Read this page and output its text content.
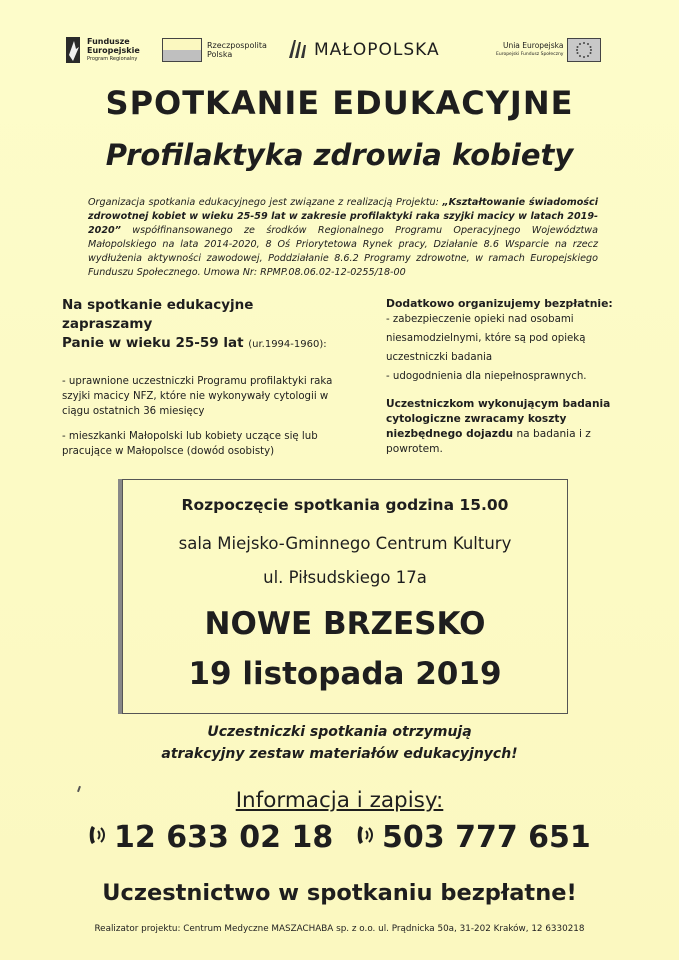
Fundusze
Europejskie
Program Regionalny
Rzeczpospolita
Polska	MAŁOPOLSKA	Unia Europejska
Europejski Fundusz Społeczny
SPOTKANIE EDUKACYJNE
Profilaktyka zdrowia kobiety
Organizacja spotkania edukacyjnego jest związane z realizacją Projektu: „Kształtowanie świadomości zdrowotnej kobiet w wieku 25-59 lat w zakresie profilaktyki raka szyjki macicy w latach 2019-2020” współfinansowanego ze środków Regionalnego Programu Operacyjnego Województwa Małopolskiego na lata 2014-2020, 8 Oś Priorytetowa Rynek pracy, Działanie 8.6 Wsparcie na rzecz wydłużenia aktywności zawodowej, Poddziałanie 8.6.2 Programy zdrowotne, w ramach Europejskiego Funduszu Społecznego. Umowa Nr: RPMP.08.06.02-12-0255/18-00
Na spotkanie edukacyjne zapraszamy
Panie w wieku 25-59 lat (ur.1994-1960):
- uprawnione uczestniczki Programu profilaktyki raka szyjki macicy NFZ, które nie wykonywały cytologii w ciągu ostatnich 36 miesięcy
- mieszkanki Małopolski lub kobiety uczące się lub pracujące w Małopolsce (dowód osobisty)
Dodatkowo organizujemy bezpłatnie:
- zabezpieczenie opieki nad osobami
niesamodzielnymi, które są pod opieką
uczestniczki badania
- udogodnienia dla niepełnosprawnych.
Uczestniczkom wykonującym badania cytologiczne zwracamy koszty niezbędnego dojazdu na badania i z powrotem.
Rozpoczęcie spotkania godzina 15.00
sala Miejsko-Gminnego Centrum Kultury
ul. Piłsudskiego 17a
NOWE BRZESKO
19 listopada 2019
Uczestniczki spotkania otrzymują
atrakcyjny zestaw materiałów edukacyjnych!
Informacja i zapisy:
12 633 02 18 503 777 651
Uczestnictwo w spotkaniu bezpłatne!
Realizator projektu: Centrum Medyczne MASZACHABA sp. z o.o. ul. Prądnicka 50a, 31-202 Kraków, 12 6330218
